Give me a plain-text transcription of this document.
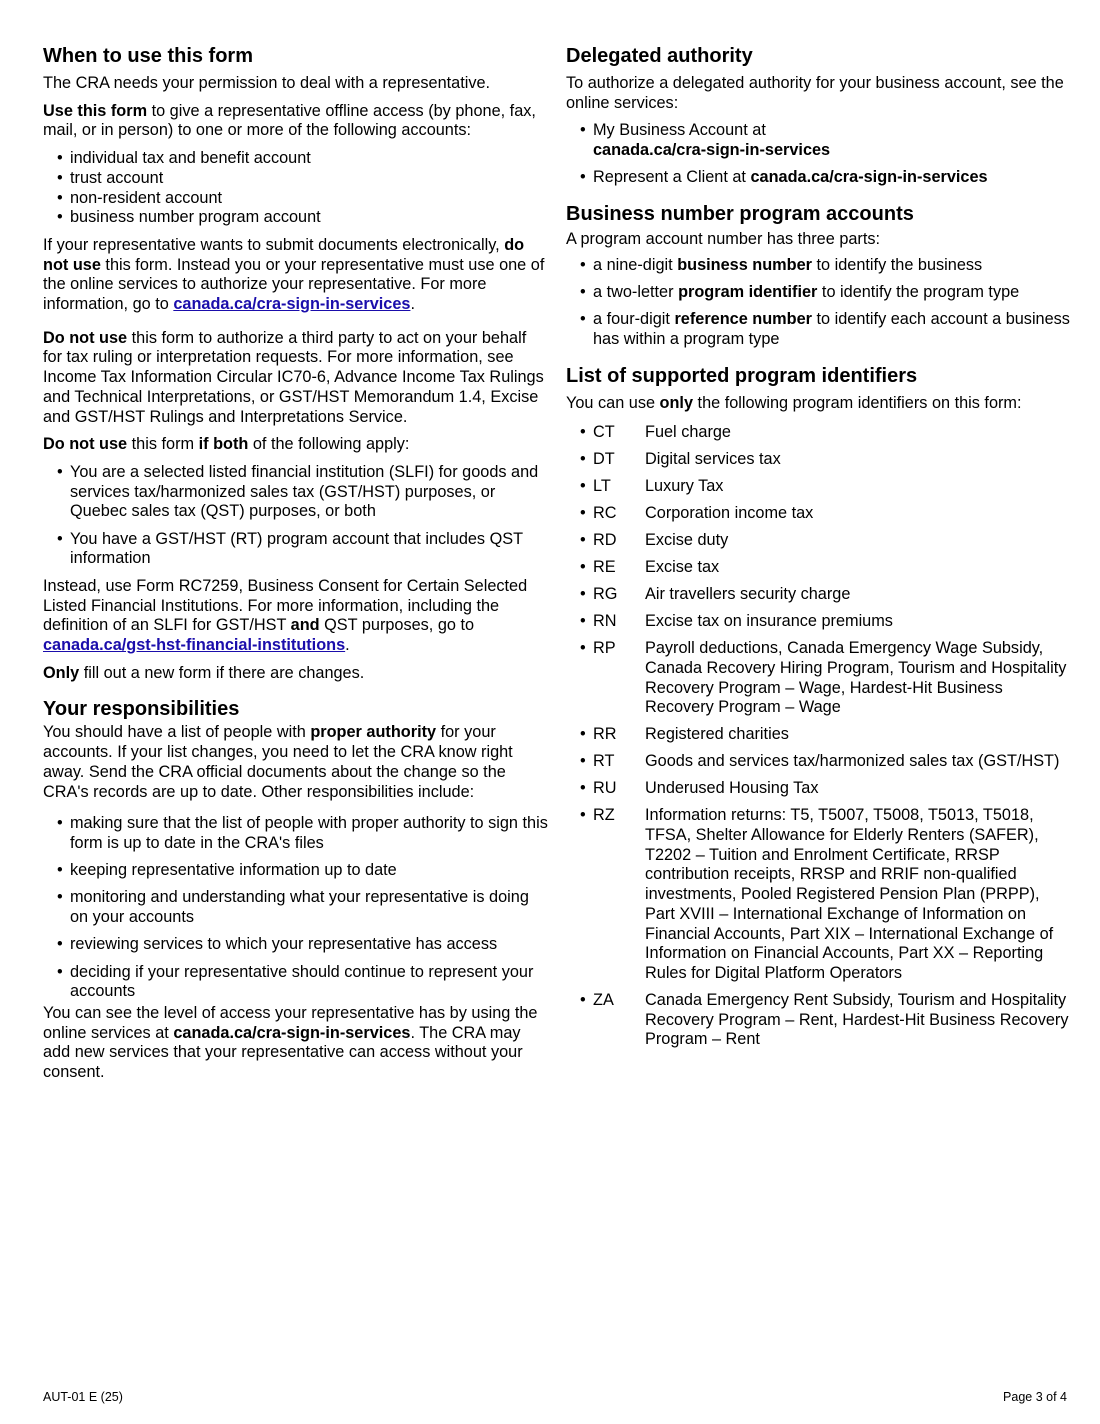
When to use this form

The CRA needs your permission to deal with a representative.

Use this form to give a representative offline access (by phone, fax, mail, or in person) to one or more of the following accounts:

• individual tax and benefit account
• trust account
• non-resident account
• business number program account

If your representative wants to submit documents electronically, do not use this form. Instead you or your representative must use one of the online services to authorize your representative. For more information, go to canada.ca/cra-sign-in-services.

Do not use this form to authorize a third party to act on your behalf for tax ruling or interpretation requests. For more information, see Income Tax Information Circular IC70-6, Advance Income Tax Rulings and Technical Interpretations, or GST/HST Memorandum 1.4, Excise and GST/HST Rulings and Interpretations Service.

Do not use this form if both of the following apply:

• You are a selected listed financial institution (SLFI) for goods and services tax/harmonized sales tax (GST/HST) purposes, or Quebec sales tax (QST) purposes, or both
• You have a GST/HST (RT) program account that includes QST information

Instead, use Form RC7259, Business Consent for Certain Selected Listed Financial Institutions. For more information, including the definition of an SLFI for GST/HST and QST purposes, go to canada.ca/gst-hst-financial-institutions.

Only fill out a new form if there are changes.

Your responsibilities

You should have a list of people with proper authority for your accounts. If your list changes, you need to let the CRA know right away. Send the CRA official documents about the change so the CRA's records are up to date. Other responsibilities include:

• making sure that the list of people with proper authority to sign this form is up to date in the CRA's files
• keeping representative information up to date
• monitoring and understanding what your representative is doing on your accounts
• reviewing services to which your representative has access
• deciding if your representative should continue to represent your accounts

You can see the level of access your representative has by using the online services at canada.ca/cra-sign-in-services. The CRA may add new services that your representative can access without your consent.

Delegated authority

To authorize a delegated authority for your business account, see the online services:

• My Business Account at
canada.ca/cra-sign-in-services
• Represent a Client at canada.ca/cra-sign-in-services
Business number program accounts

A program account number has three parts:

• a nine-digit business number to identify the business
• a two-letter program identifier to identify the program type
• a four-digit reference number to identify each account a business has within a program type
List of supported program identifiers

You can use only the following program identifiers on this form:

• CT Fuel charge
• DT Digital services tax
• LT Luxury Tax
• RC Corporation income tax
• RD Excise duty
• RE Excise tax
• RG Air travellers security charge
• RN Excise tax on insurance premiums
• RP Payroll deductions, Canada Emergency Wage Subsidy, Canada Recovery Hiring Program, Tourism and Hospitality Recovery Program – Wage, Hardest-Hit Business Recovery Program – Wage
• RR Registered charities
• RT Goods and services tax/harmonized sales tax (GST/HST)
• RU Underused Housing Tax
• RZ Information returns: T5, T5007, T5008, T5013, T5018, TFSA, Shelter Allowance for Elderly Renters (SAFER), T2202 – Tuition and Enrolment Certificate, RRSP contribution receipts, RRSP and RRIF non-qualified investments, Pooled Registered Pension Plan (PRPP), Part XVIII – International Exchange of Information on Financial Accounts, Part XIX – International Exchange of Information on Financial Accounts, Part XX – Reporting Rules for Digital Platform Operators
• ZA Canada Emergency Rent Subsidy, Tourism and Hospitality Recovery Program – Rent, Hardest-Hit Business Recovery Program – Rent
AUT-01 E (25)	Page 3 of 4
